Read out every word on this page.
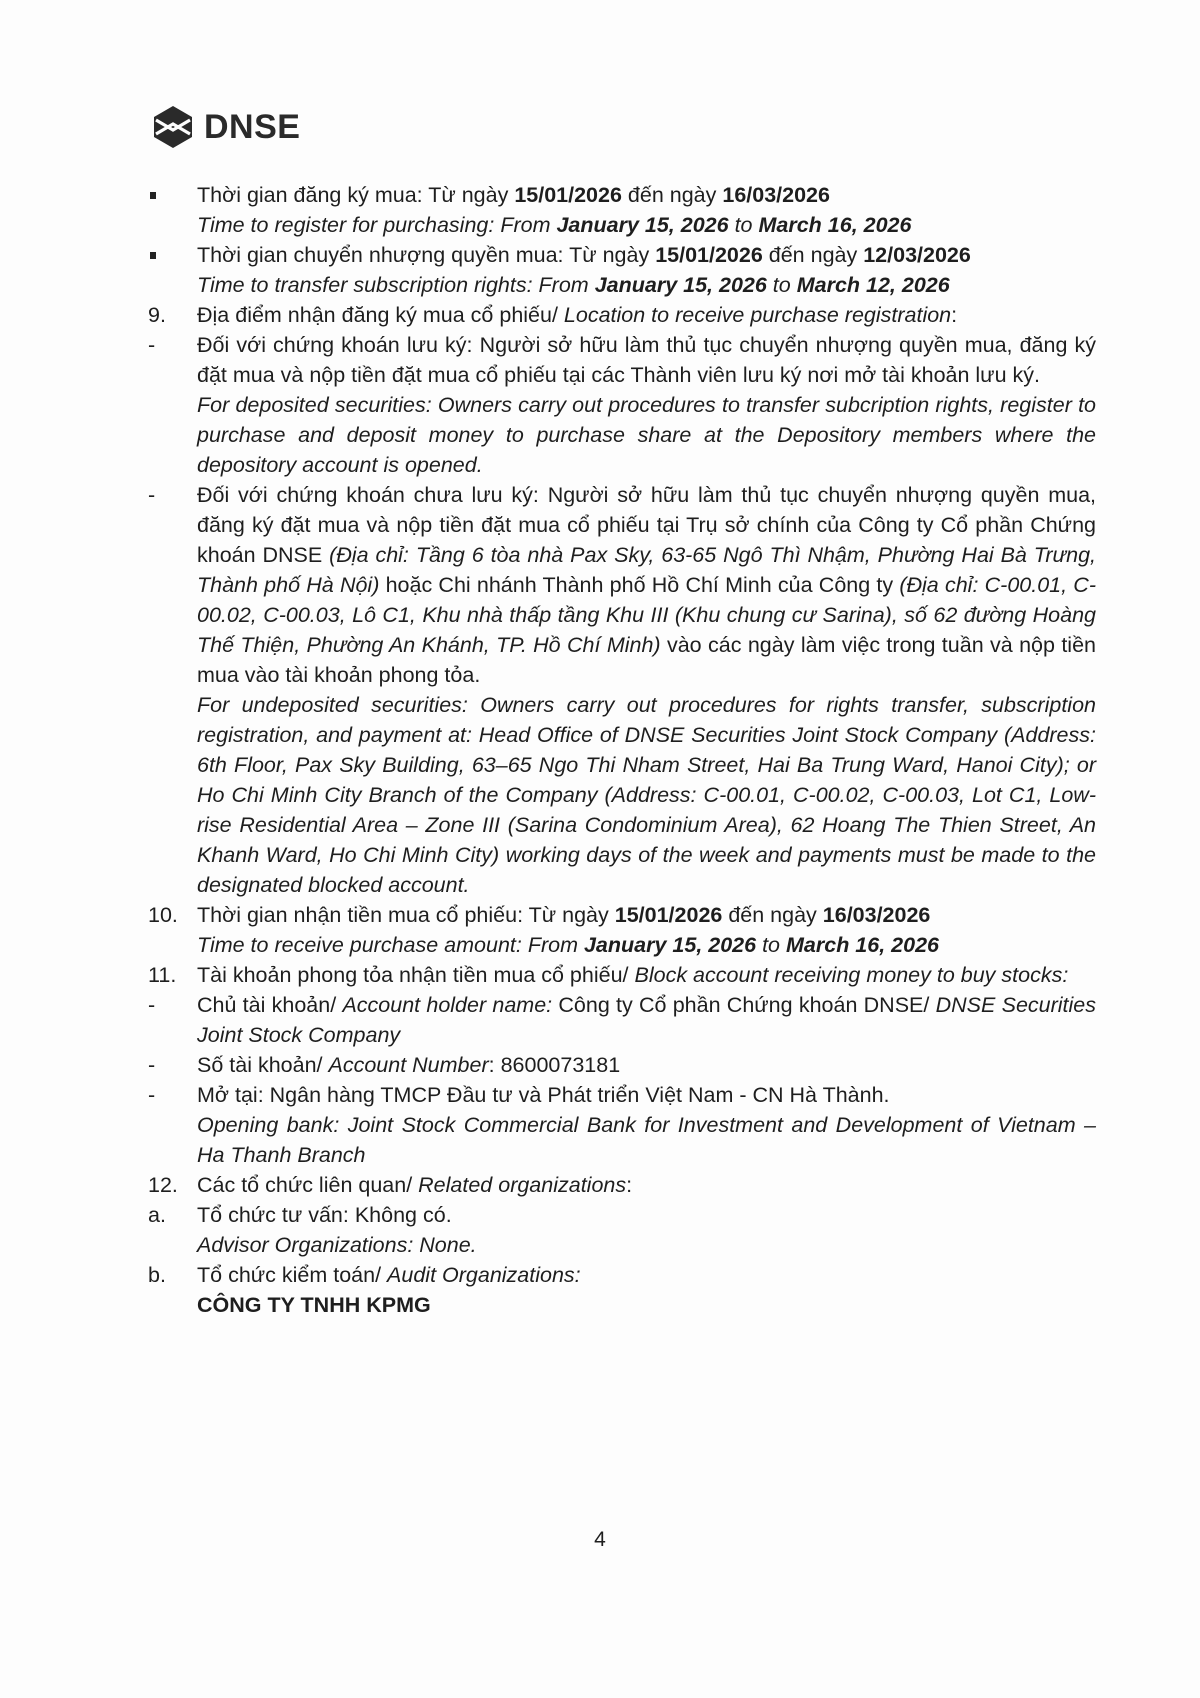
DNSE
Thời gian đăng ký mua: Từ ngày 15/01/2026 đến ngày 16/03/2026
Time to register for purchasing: From January 15, 2026 to March 16, 2026
Thời gian chuyển nhượng quyền mua: Từ ngày 15/01/2026 đến ngày 12/03/2026
Time to transfer subscription rights: From January 15, 2026 to March 12, 2026
9.	Địa điểm nhận đăng ký mua cổ phiếu/ Location to receive purchase registration:
-	Đối với chứng khoán lưu ký: Người sở hữu làm thủ tục chuyển nhượng quyền mua, đăng ký đặt mua và nộp tiền đặt mua cổ phiếu tại các Thành viên lưu ký nơi mở tài khoản lưu ký.
For deposited securities: Owners carry out procedures to transfer subcription rights, register to purchase and deposit money to purchase share at the Depository members where the depository account is opened.
-	Đối với chứng khoán chưa lưu ký: Người sở hữu làm thủ tục chuyển nhượng quyền mua, đăng ký đặt mua và nộp tiền đặt mua cổ phiếu tại Trụ sở chính của Công ty Cổ phần Chứng khoán DNSE (Địa chỉ: Tầng 6 tòa nhà Pax Sky, 63-65 Ngô Thì Nhậm, Phường Hai Bà Trưng, Thành phố Hà Nội) hoặc Chi nhánh Thành phố Hồ Chí Minh của Công ty (Địa chỉ: C-00.01, C-00.02, C-00.03, Lô C1, Khu nhà thấp tầng Khu III (Khu chung cư Sarina), số 62 đường Hoàng Thế Thiện, Phường An Khánh, TP. Hồ Chí Minh) vào các ngày làm việc trong tuần và nộp tiền mua vào tài khoản phong tỏa.
For undeposited securities: Owners carry out procedures for rights transfer, subscription registration, and payment at: Head Office of DNSE Securities Joint Stock Company (Address: 6th Floor, Pax Sky Building, 63–65 Ngo Thi Nham Street, Hai Ba Trung Ward, Hanoi City); or Ho Chi Minh City Branch of the Company (Address: C-00.01, C-00.02, C-00.03, Lot C1, Low-rise Residential Area – Zone III (Sarina Condominium Area), 62 Hoang The Thien Street, An Khanh Ward, Ho Chi Minh City) working days of the week and payments must be made to the designated blocked account.
10. Thời gian nhận tiền mua cổ phiếu: Từ ngày 15/01/2026 đến ngày 16/03/2026
Time to receive purchase amount: From January 15, 2026 to March 16, 2026
11. Tài khoản phong tỏa nhận tiền mua cổ phiếu/ Block account receiving money to buy stocks:
-	Chủ tài khoản/ Account holder name: Công ty Cổ phần Chứng khoán DNSE/ DNSE Securities Joint Stock Company
-	Số tài khoản/ Account Number: 8600073181
-	Mở tại: Ngân hàng TMCP Đầu tư và Phát triển Việt Nam - CN Hà Thành.
Opening bank: Joint Stock Commercial Bank for Investment and Development of Vietnam – Ha Thanh Branch
12. Các tổ chức liên quan/ Related organizations:
a.	Tổ chức tư vấn: Không có.
Advisor Organizations: None.
b.	Tổ chức kiểm toán/ Audit Organizations:
CÔNG TY TNHH KPMG
4
